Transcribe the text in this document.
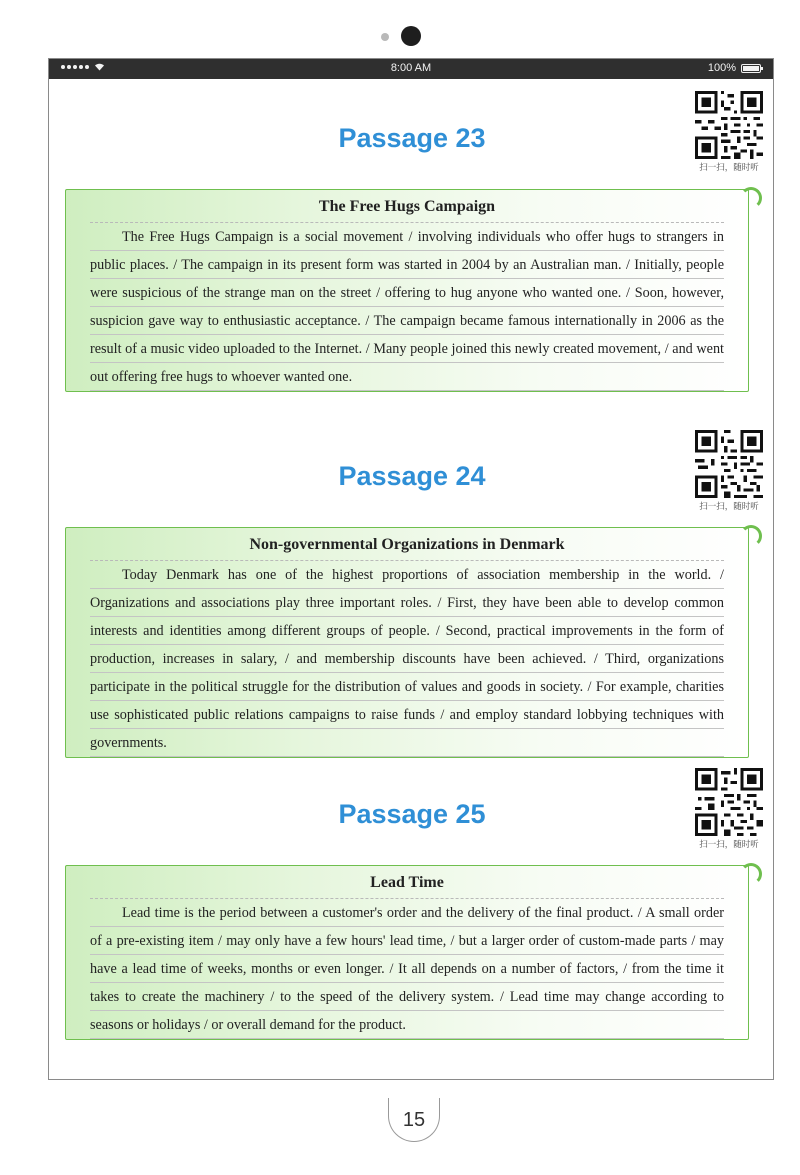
8:00 AM	100%
Passage 23
扫一扫，随时听
The Free Hugs Campaign

The Free Hugs Campaign is a social movement / involving individuals who offer hugs to strangers in public places. / The campaign in its present form was started in 2004 by an Australian man. / Initially, people were suspicious of the strange man on the street / offering to hug anyone who wanted one. / Soon, however, suspicion gave way to enthusiastic acceptance. / The campaign became famous internationally in 2006 as the result of a music video uploaded to the Internet. / Many people joined this newly created movement, / and went out offering free hugs to whoever wanted one.

Passage 24
扫一扫，随时听
Non-governmental Organizations in Denmark

Today Denmark has one of the highest proportions of association membership in the world. / Organizations and associations play three important roles. / First, they have been able to develop common interests and identities among different groups of people. / Second, practical improvements in the form of production, increases in salary, / and membership discounts have been achieved. / Third, organizations participate in the political struggle for the distribution of values and goods in society. / For example, charities use sophisticated public relations campaigns to raise funds / and employ standard lobbying techniques with governments.

Passage 25
扫一扫，随时听
Lead Time

Lead time is the period between a customer's order and the delivery of the final product. / A small order of a pre-existing item / may only have a few hours' lead time, / but a larger order of custom-made parts / may have a lead time of weeks, months or even longer. / It all depends on a number of factors, / from the time it takes to create the machinery / to the speed of the delivery system. / Lead time may change according to seasons or holidays / or overall demand for the product.

15
